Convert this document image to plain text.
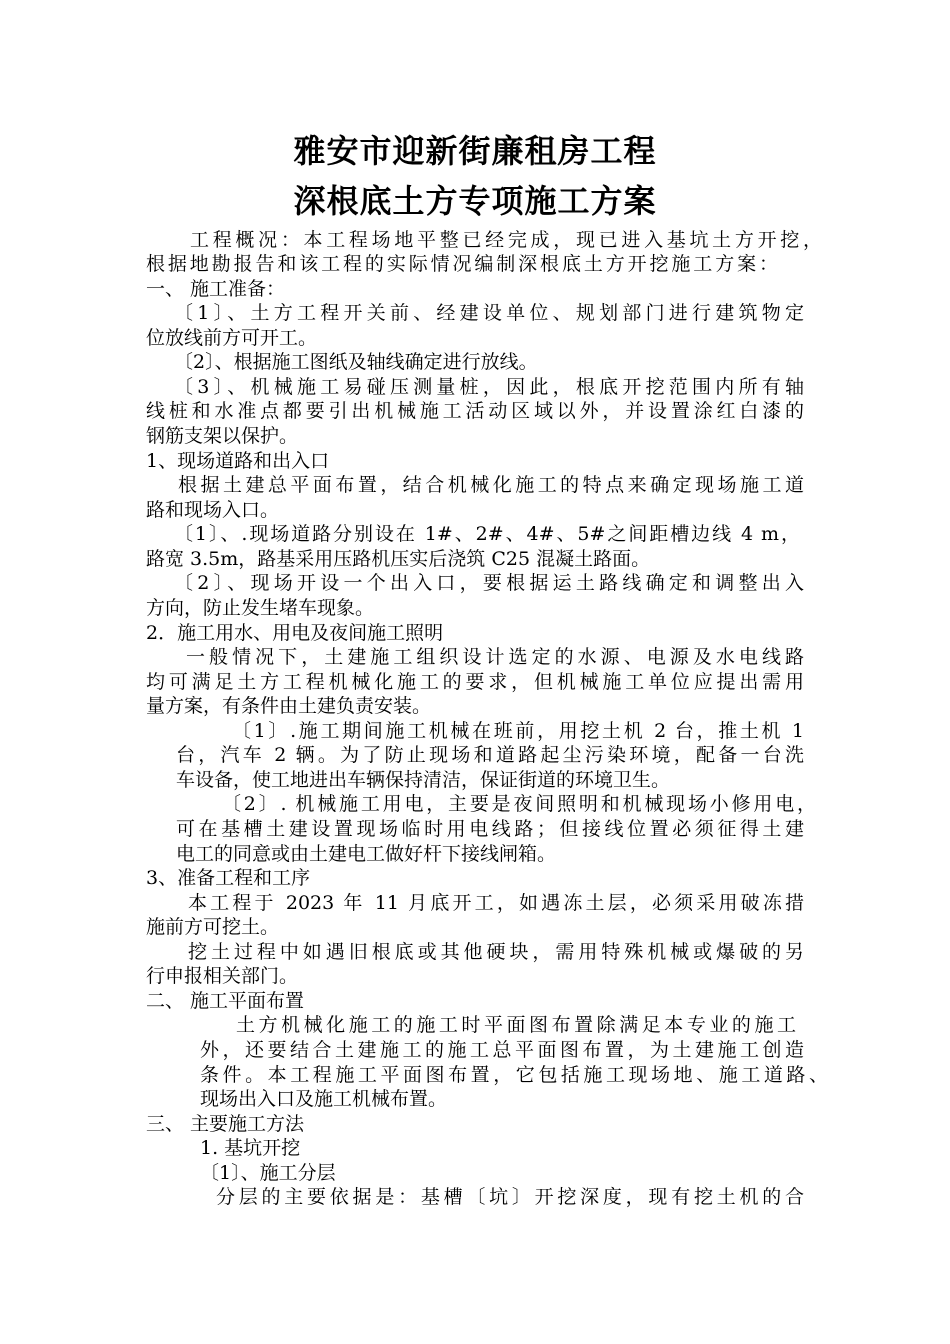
雅安市迎新街廉租房工程
深根底土方专项施工方案
工程概况：本工程场地平整已经完成，现已进入基坑土方开挖，
根据地勘报告和该工程的实际情况编制深根底土方开挖施工方案：
一、 施工准备：
〔1〕、土方工程开关前、经建设单位、规划部门进行建筑物定
位放线前方可开工。
〔2〕、根据施工图纸及轴线确定进行放线。
〔3〕、机械施工易碰压测量桩，因此，根底开挖范围内所有轴
线桩和水准点都要引出机械施工活动区域以外，并设置涂红白漆的
钢筋支架以保护。
1、现场道路和出入口
根据土建总平面布置，结合机械化施工的特点来确定现场施工道
路和现场入口。
〔1〕、.现场道路分别设在 1#、2#、4#、5#之间距槽边线 4 m，
路宽 3.5m，路基采用压路机压实后浇筑 C25 混凝土路面。
〔2〕、现场开设一个出入口，要根据运土路线确定和调整出入
方向，防止发生堵车现象。
2．施工用水、用电及夜间施工照明
一般情况下，土建施工组织设计选定的水源、电源及水电线路
均可满足土方工程机械化施工的要求，但机械施工单位应提出需用
量方案，有条件由土建负责安装。
〔1〕.施工期间施工机械在班前，用挖土机 2 台，推土机 1
台，汽车 2 辆。为了防止现场和道路起尘污染环境，配备一台洗
车设备，使工地进出车辆保持清洁，保证街道的环境卫生。
〔2〕. 机械施工用电，主要是夜间照明和机械现场小修用电，
可在基槽土建设置现场临时用电线路；但接线位置必须征得土建
电工的同意或由土建电工做好杆下接线闸箱。
3、准备工程和工序
本工程于 2023 年 11 月底开工，如遇冻土层，必须采用破冻措
施前方可挖土。
挖土过程中如遇旧根底或其他硬块，需用特殊机械或爆破的另
行申报相关部门。
二、 施工平面布置
土方机械化施工的施工时平面图布置除满足本专业的施工
外，还要结合土建施工的施工总平面图布置，为土建施工创造
条件。本工程施工平面图布置，它包括施工现场地、施工道路、
现场出入口及施工机械布置。
三、 主要施工方法
1. 基坑开挖
〔1〕、施工分层
分层的主要依据是：基槽〔坑〕开挖深度，现有挖土机的合
